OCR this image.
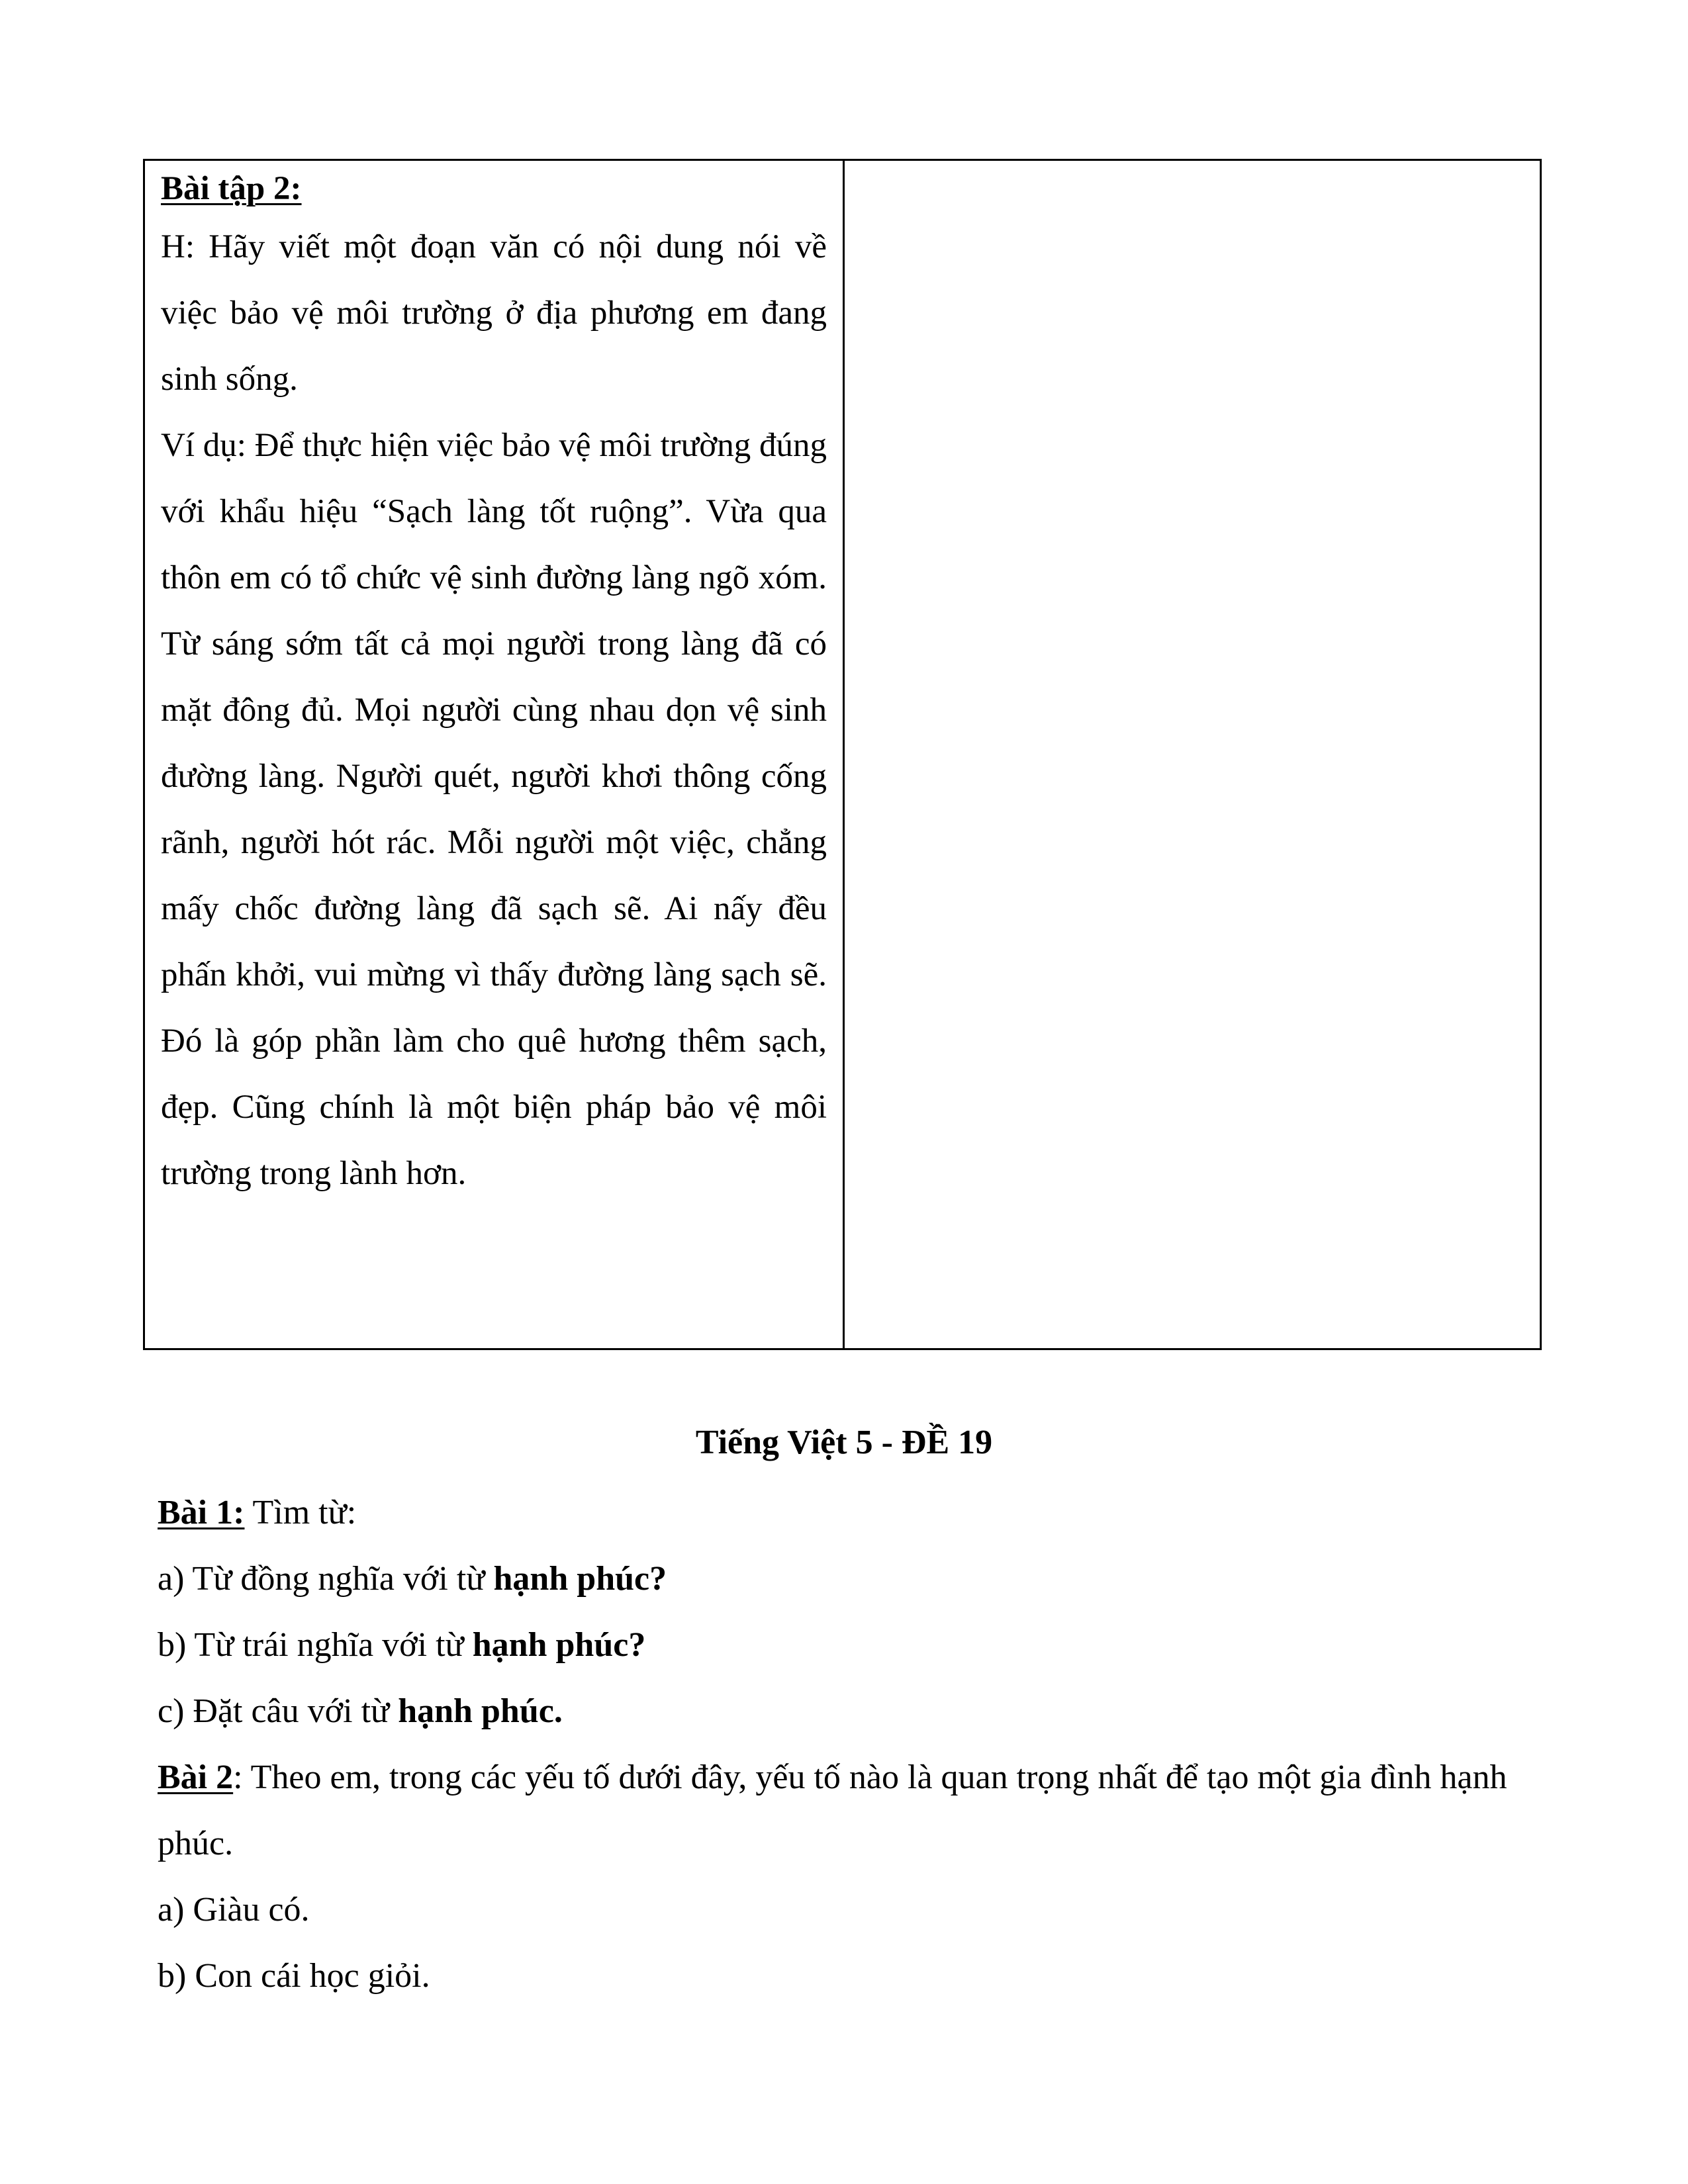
Bài tập 2:

H: Hãy viết một đoạn văn có nội dung nói về việc bảo vệ môi trường ở địa phương em đang sinh sống.

Ví dụ: Để thực hiện việc bảo vệ môi trường đúng với khẩu hiệu “Sạch làng tốt ruộng”. Vừa qua thôn em có tổ chức vệ sinh đường làng ngõ xóm. Từ sáng sớm tất cả mọi người trong làng đã có mặt đông đủ. Mọi người cùng nhau dọn vệ sinh đường làng. Người quét, người khơi thông cống rãnh, người hót rác. Mỗi người một việc, chẳng mấy chốc đường làng đã sạch sẽ. Ai nấy đều phấn khởi, vui mừng vì thấy đường làng sạch sẽ. Đó là góp phần làm cho quê hương thêm sạch, đẹp. Cũng chính là một biện pháp bảo vệ môi trường trong lành hơn.

Tiếng Việt 5 - ĐỀ 19

Bài 1: Tìm từ:

a) Từ đồng nghĩa với từ hạnh phúc?

b) Từ trái nghĩa với từ hạnh phúc?

c) Đặt câu với từ hạnh phúc.

Bài 2: Theo em, trong các yếu tố dưới đây, yếu tố nào là quan trọng nhất để tạo một gia đình hạnh phúc.

a) Giàu có.

b) Con cái học giỏi.
